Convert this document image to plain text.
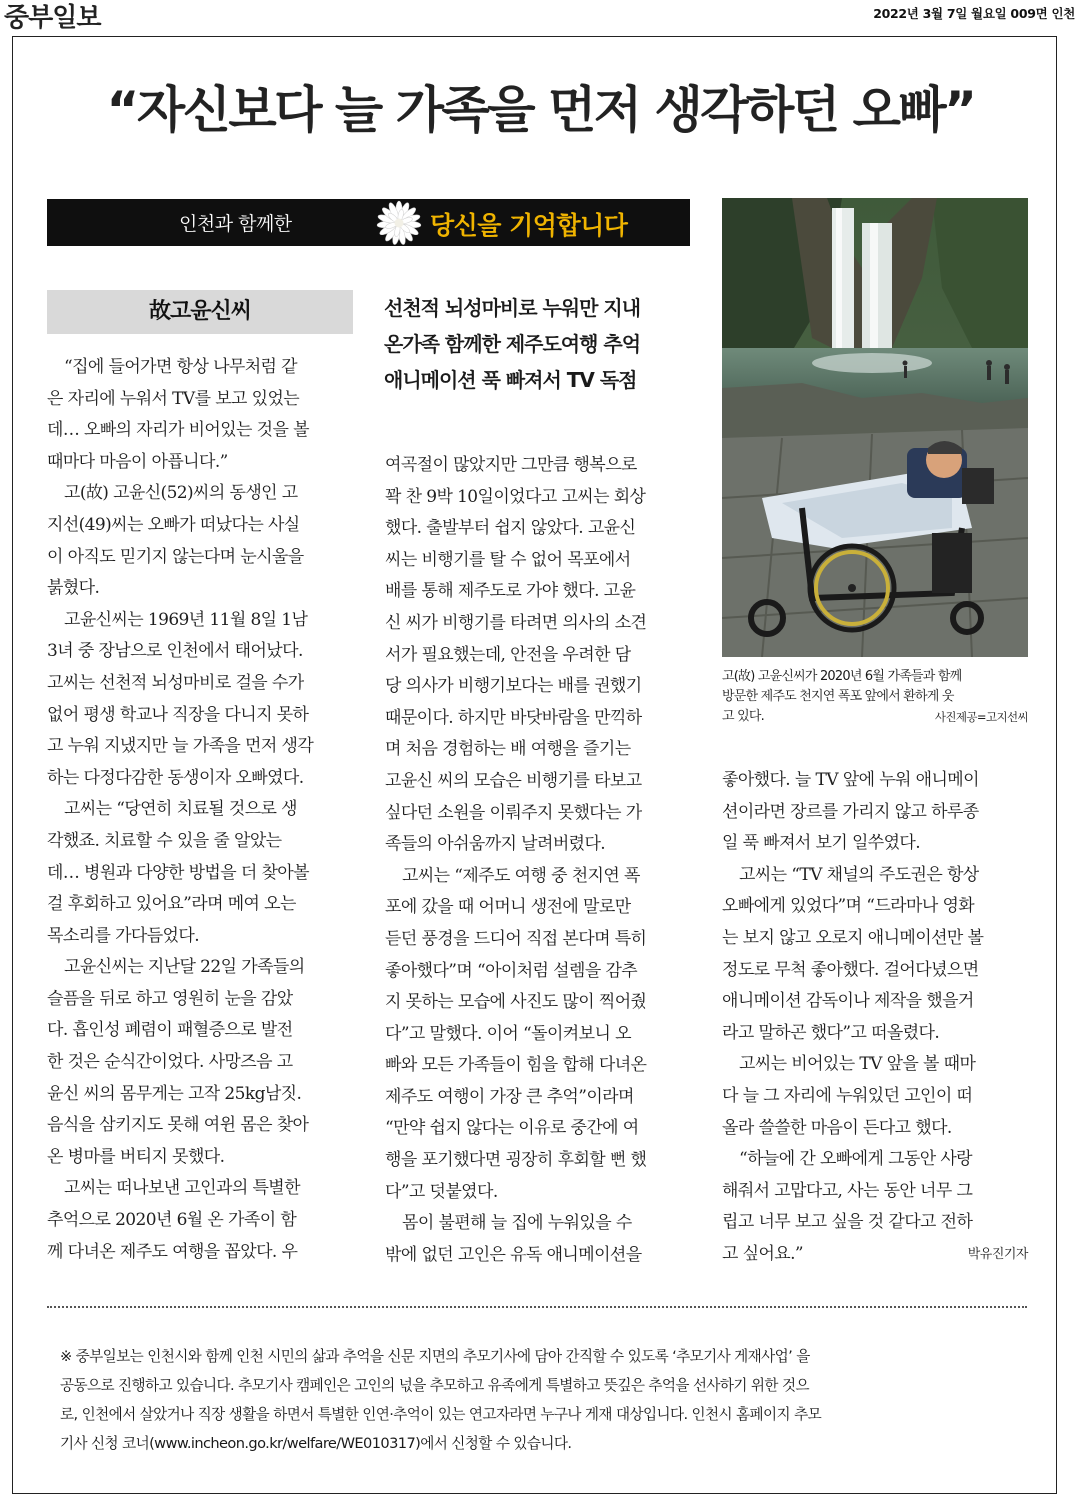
중부일보	2022년 3월 7일 월요일 009면 인천
“자신보다 늘 가족을 먼저 생각하던 오빠”
인천과 함께한	당신을 기억합니다
故고윤신씨	선천적 뇌성마비로 누워만 지내
온가족 함께한 제주도여행 추억
애니메이션 푹 빠져서 TV 독점
“집에 들어가면 항상 나무처럼 같
은 자리에 누워서 TV를 보고 있었는
데… 오빠의 자리가 비어있는 것을 볼
때마다 마음이 아픕니다.”
고(故) 고윤신(52)씨의 동생인 고
지선(49)씨는 오빠가 떠났다는 사실
이 아직도 믿기지 않는다며 눈시울을
붉혔다.
고윤신씨는 1969년 11월 8일 1남
3녀 중 장남으로 인천에서 태어났다.
고씨는 선천적 뇌성마비로 걸을 수가
없어 평생 학교나 직장을 다니지 못하
고 누워 지냈지만 늘 가족을 먼저 생각
하는 다정다감한 동생이자 오빠였다.
고씨는 “당연히 치료될 것으로 생
각했죠. 치료할 수 있을 줄 알았는
데… 병원과 다양한 방법을 더 찾아볼
걸 후회하고 있어요”라며 메여 오는
목소리를 가다듬었다.
고윤신씨는 지난달 22일 가족들의
슬픔을 뒤로 하고 영원히 눈을 감았
다. 흡인성 폐렴이 패혈증으로 발전
한 것은 순식간이었다. 사망즈음 고
윤신 씨의 몸무게는 고작 25kg남짓.
음식을 삼키지도 못해 여윈 몸은 찾아
온 병마를 버티지 못했다.
고씨는 떠나보낸 고인과의 특별한
추억으로 2020년 6월 온 가족이 함
께 다녀온 제주도 여행을 꼽았다. 우
여곡절이 많았지만 그만큼 행복으로
꽉 찬 9박 10일이었다고 고씨는 회상
했다. 출발부터 쉽지 않았다. 고윤신
씨는 비행기를 탈 수 없어 목포에서
배를 통해 제주도로 가야 했다. 고윤
신 씨가 비행기를 타려면 의사의 소견
서가 필요했는데, 안전을 우려한 담
당 의사가 비행기보다는 배를 권했기
때문이다. 하지만 바닷바람을 만끽하
며 처음 경험하는 배 여행을 즐기는
고윤신 씨의 모습은 비행기를 타보고
싶다던 소원을 이뤄주지 못했다는 가
족들의 아쉬움까지 날려버렸다.
고씨는 “제주도 여행 중 천지연 폭
포에 갔을 때 어머니 생전에 말로만
듣던 풍경을 드디어 직접 본다며 특히
좋아했다”며 “아이처럼 설렘을 감추
지 못하는 모습에 사진도 많이 찍어줬
다”고 말했다. 이어 “돌이켜보니 오
빠와 모든 가족들이 힘을 합해 다녀온
제주도 여행이 가장 큰 추억”이라며
“만약 쉽지 않다는 이유로 중간에 여
행을 포기했다면 굉장히 후회할 뻔 했
다”고 덧붙였다.
몸이 불편해 늘 집에 누워있을 수
밖에 없던 고인은 유독 애니메이션을
고(故) 고윤신씨가 2020년 6월 가족들과 함께
방문한 제주도 천지연 폭포 앞에서 환하게 웃
고 있다.	사진제공=고지선씨
좋아했다. 늘 TV 앞에 누워 애니메이
션이라면 장르를 가리지 않고 하루종
일 푹 빠져서 보기 일쑤였다.
고씨는 “TV 채널의 주도권은 항상
오빠에게 있었다”며 “드라마나 영화
는 보지 않고 오로지 애니메이션만 볼
정도로 무척 좋아했다. 걸어다녔으면
애니메이션 감독이나 제작을 했을거
라고 말하곤 했다”고 떠올렸다.
고씨는 비어있는 TV 앞을 볼 때마
다 늘 그 자리에 누워있던 고인이 떠
올라 쓸쓸한 마음이 든다고 했다.
“하늘에 간 오빠에게 그동안 사랑
해줘서 고맙다고, 사는 동안 너무 그
립고 너무 보고 싶을 것 같다고 전하
고 싶어요.”	박유진기자
※ 중부일보는 인천시와 함께 인천 시민의 삶과 추억을 신문 지면의 추모기사에 담아 간직할 수 있도록 ‘추모기사 게재사업’ 을
공동으로 진행하고 있습니다. 추모기사 캠페인은 고인의 넋을 추모하고 유족에게 특별하고 뜻깊은 추억을 선사하기 위한 것으
로, 인천에서 살았거나 직장 생활을 하면서 특별한 인연·추억이 있는 연고자라면 누구나 게재 대상입니다. 인천시 홈페이지 추모
기사 신청 코너(www.incheon.go.kr/welfare/WE010317)에서 신청할 수 있습니다.
